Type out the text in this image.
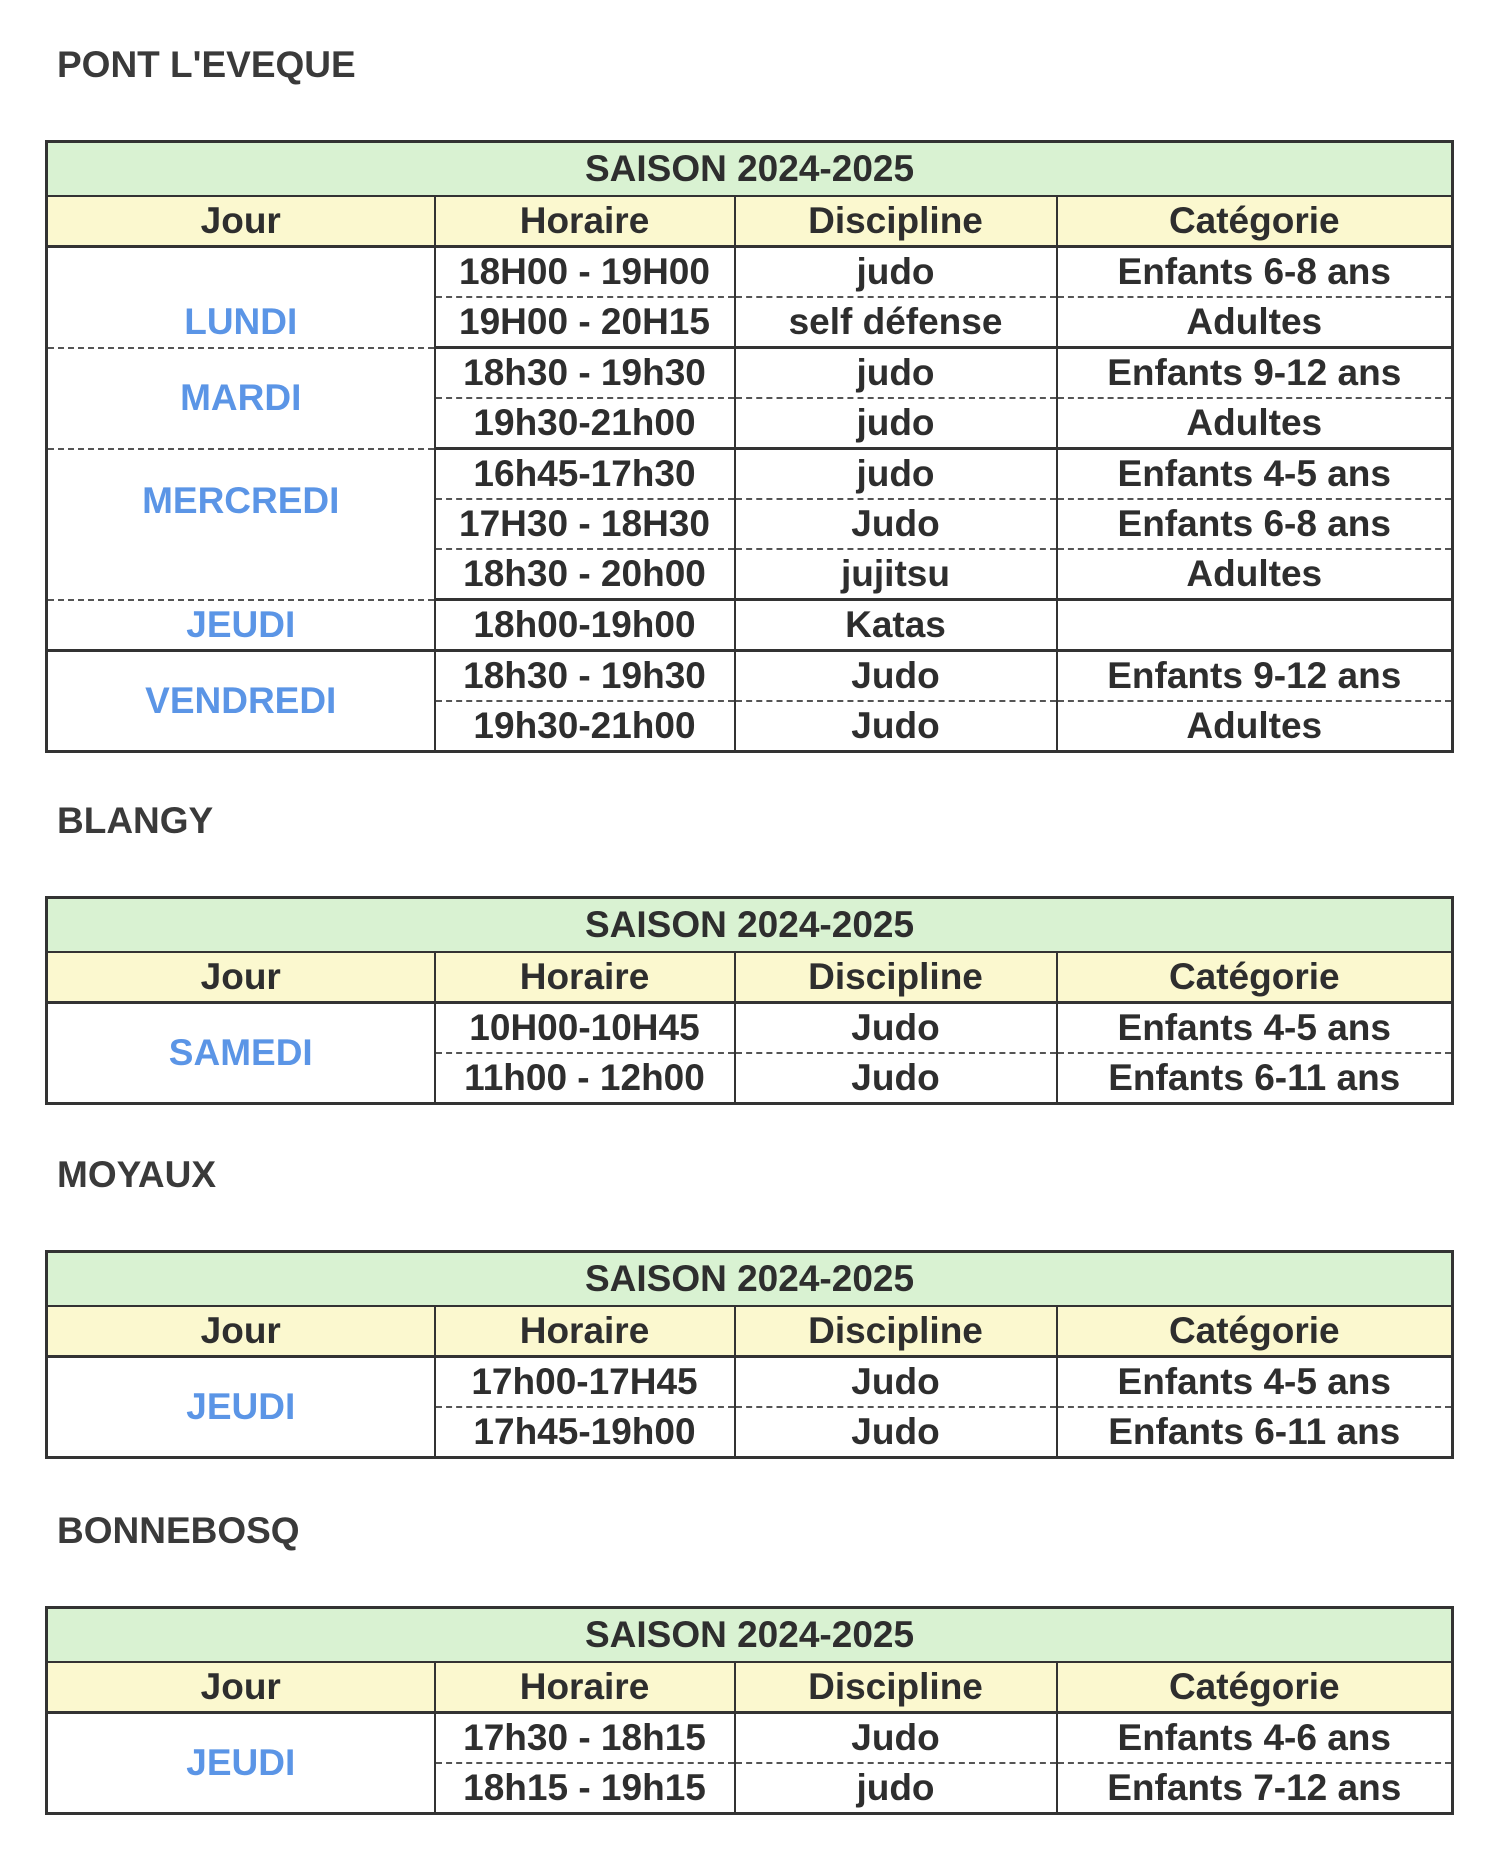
PONT L'EVEQUE
SAISON 2024-2025			
Jour	Horaire	Discipline	Catégorie
LUNDI	18H00 - 19H00	judo	Enfants 6-8 ans
	19H00 - 20H15	self défense	Adultes
MARDI	18h30 - 19h30	judo	Enfants 9-12 ans
	19h30-21h00	judo	Adultes
MERCREDI	16h45-17h30	judo	Enfants 4-5 ans
	17H30 - 18H30	Judo	Enfants 6-8 ans
	18h30 - 20h00	jujitsu	Adultes
JEUDI	18h00-19h00	Katas	
VENDREDI	18h30 - 19h30	Judo	Enfants 9-12 ans
	19h30-21h00	Judo	Adultes
BLANGY
SAISON 2024-2025			
Jour	Horaire	Discipline	Catégorie
SAMEDI	10H00-10H45	Judo	Enfants 4-5 ans
	11h00 - 12h00	Judo	Enfants 6-11 ans
MOYAUX
SAISON 2024-2025			
Jour	Horaire	Discipline	Catégorie
JEUDI	17h00-17H45	Judo	Enfants 4-5 ans
	17h45-19h00	Judo	Enfants 6-11 ans
BONNEBOSQ
SAISON 2024-2025			
Jour	Horaire	Discipline	Catégorie
JEUDI	17h30 - 18h15	Judo	Enfants 4-6 ans
	18h15 - 19h15	judo	Enfants 7-12 ans
